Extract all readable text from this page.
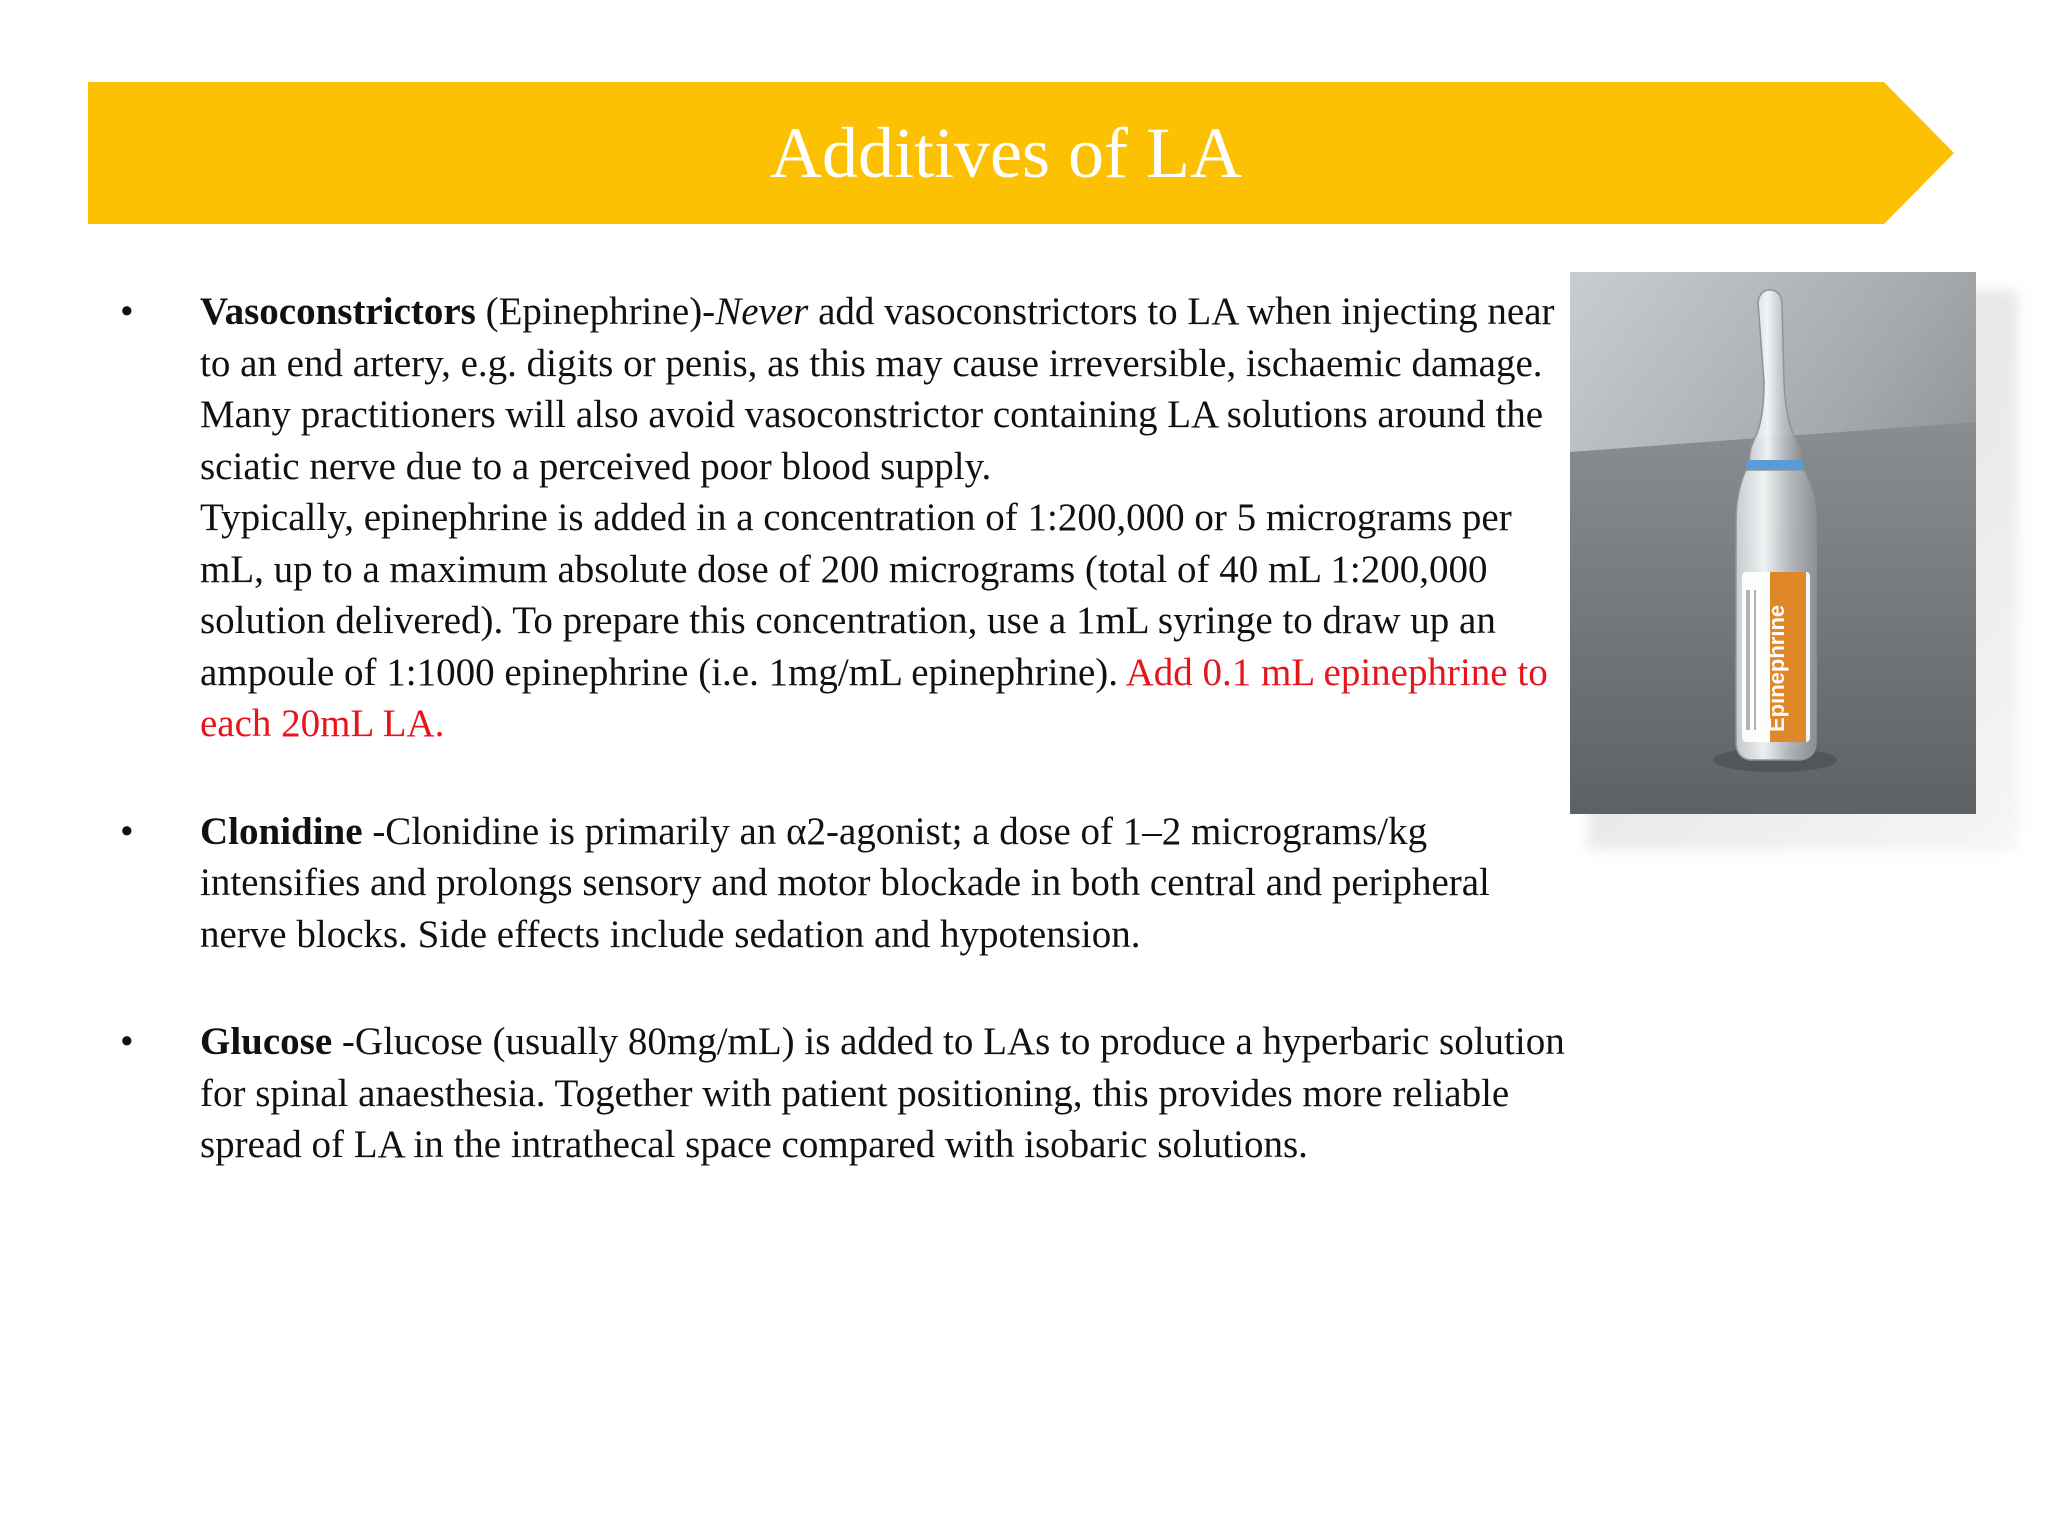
Additives of LA
•	Vasoconstrictors (Epinephrine)-Never add vasoconstrictors to LA when injecting near to an end artery, e.g. digits or penis, as this may cause irreversible, ischaemic damage. Many practitioners will also avoid vasoconstrictor containing LA solutions around the sciatic nerve due to a perceived poor blood supply.
Typically, epinephrine is added in a concentration of 1:200,000 or 5 micrograms per mL, up to a maximum absolute dose of 200 micrograms (total of 40 mL 1:200,000 solution delivered). To prepare this concentration, use a 1mL syringe to draw up an ampoule of 1:1000 epinephrine (i.e. 1mg/mL epinephrine). Add 0.1 mL epinephrine to each 20mL LA.
•	Clonidine -Clonidine is primarily an α2-agonist; a dose of 1–2 micrograms/kg intensifies and prolongs sensory and motor blockade in both central and peripheral nerve blocks. Side effects include sedation and hypotension.
•	Glucose -Glucose (usually 80mg/mL) is added to LAs to produce a hyperbaric solution for spinal anaesthesia. Together with patient positioning, this provides more reliable spread of LA in the intrathecal space compared with isobaric solutions.
Epinephrine
